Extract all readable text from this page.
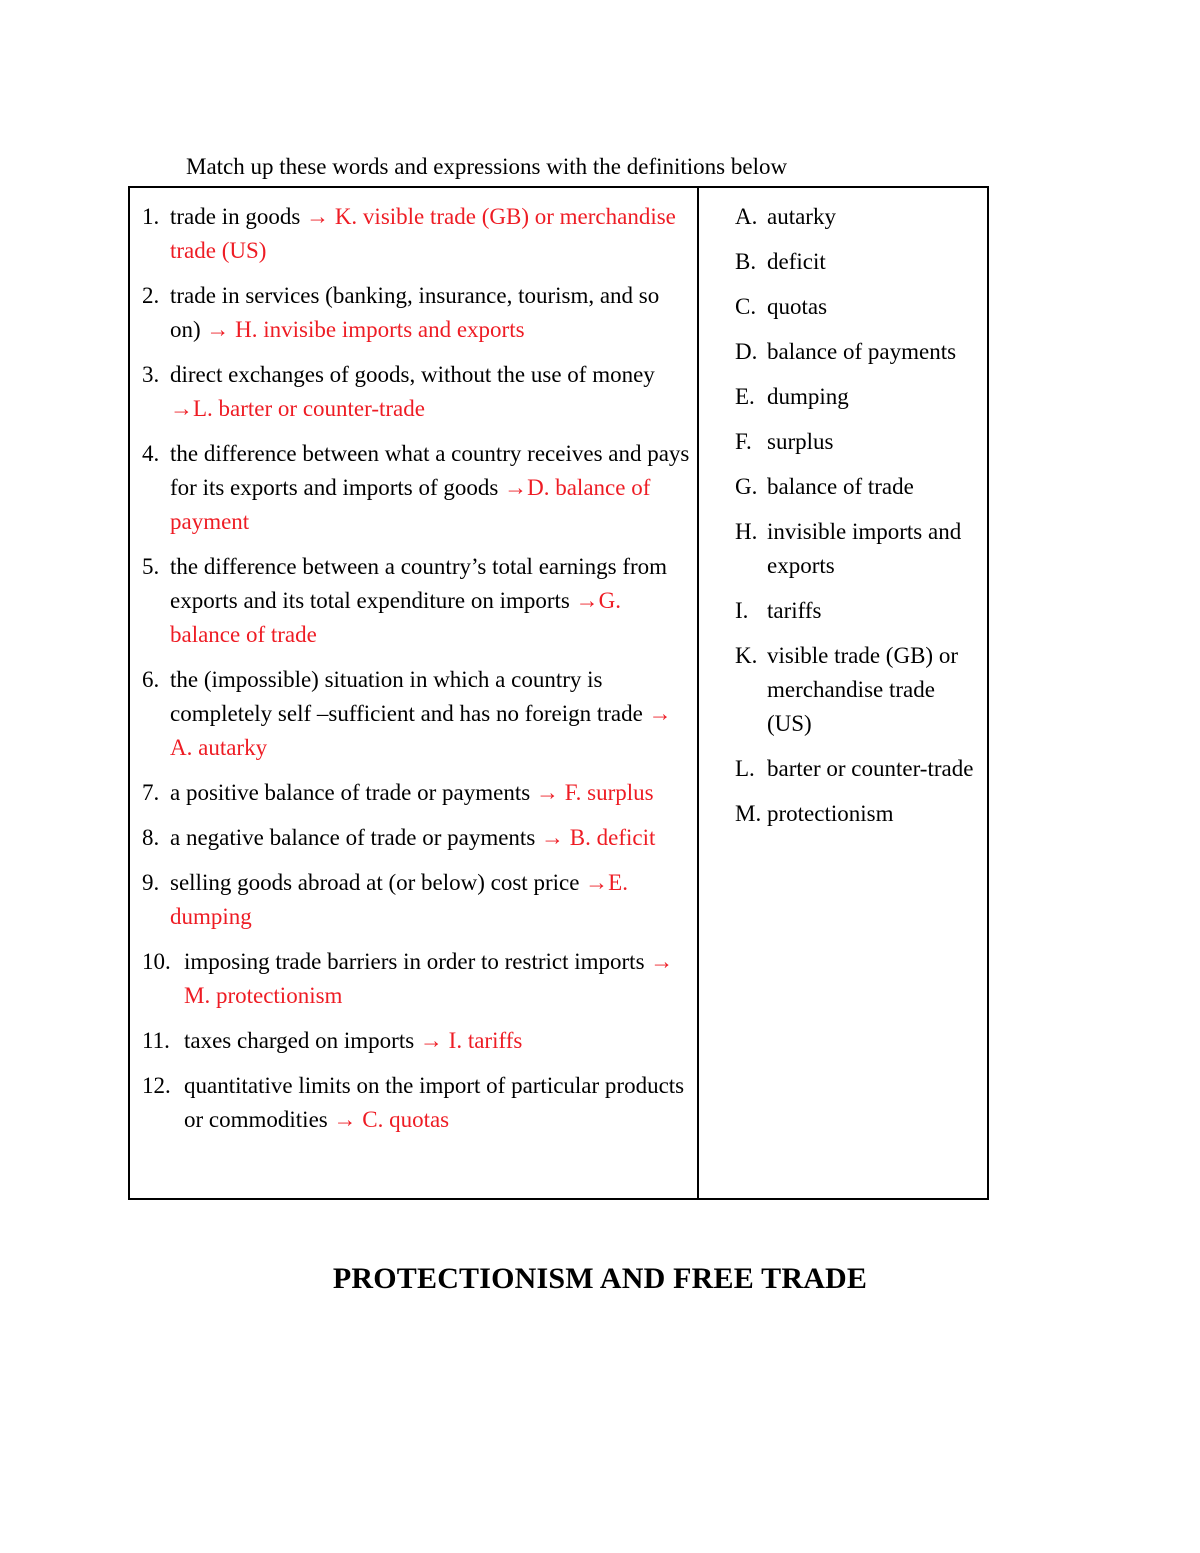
Match up these words and expressions with the definitions below
1. trade in goods → K. visible trade (GB) or merchandise trade (US)
2. trade in services (banking, insurance, tourism, and so on) → H. invisibe imports and exports
3. direct exchanges of goods, without the use of money →L. barter or counter-trade
4. the difference between what a country receives and pays for its exports and imports of goods →D. balance of payment
5. the difference between a country’s total earnings from exports and its total expenditure on imports →G. balance of trade
6. the (impossible) situation in which a country is completely self –sufficient and has no foreign trade → A. autarky
7. a positive balance of trade or payments → F. surplus
8. a negative balance of trade or payments → B. deficit
9. selling goods abroad at (or below) cost price →E. dumping
10. imposing trade barriers in order to restrict imports → M. protectionism
11. taxes charged on imports → I. tariffs
12. quantitative limits on the import of particular products or commodities → C. quotas
A. autarky
B. deficit
C. quotas
D. balance of payments
E. dumping
F. surplus
G. balance of trade
H. invisible imports and exports
I. tariffs
K. visible trade (GB) or merchandise trade (US)
L. barter or counter-trade
M. protectionism
PROTECTIONISM AND FREE TRADE
